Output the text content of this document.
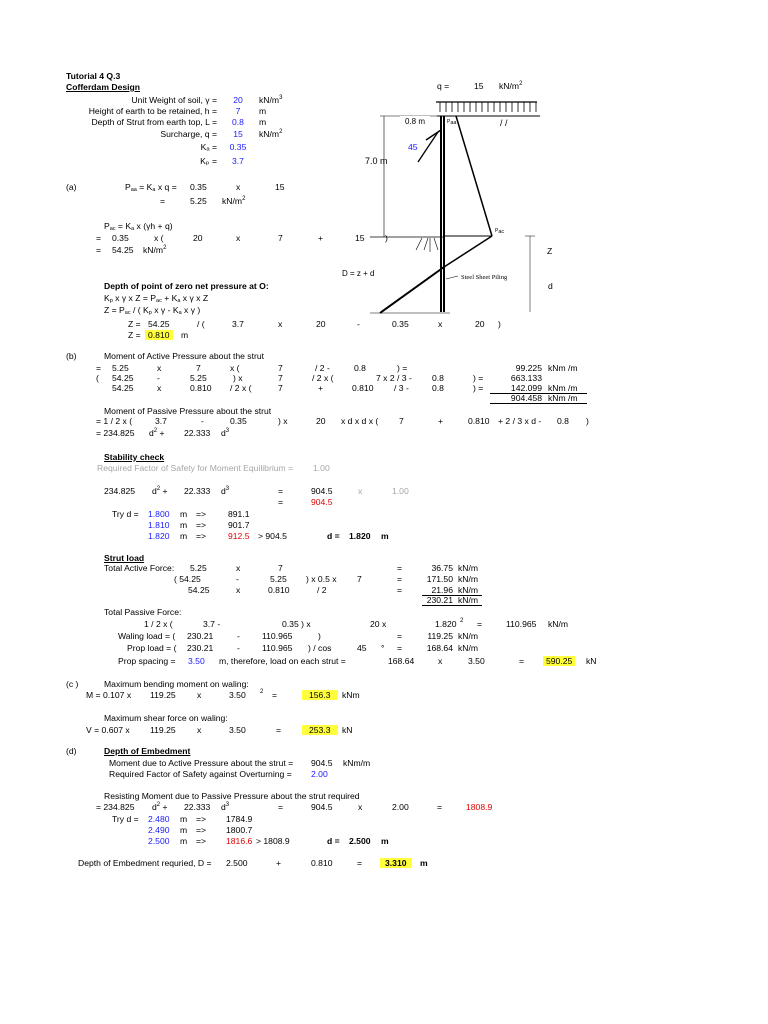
Tutorial 4 Q.3
Cofferdam Design
Unit Weight of soil, γ =	20	$kN/m^3$
Height of earth to be retained, h =	7	m
Depth of Strut from earth top, L =	0.8	m
Surcharge, q =	15	$kN/m^2$
Kₐ =	0.35
Kₚ =	3.7
/ /
q =	15 $kN/m^2$
0.8 m	$P_{aa}$
45
7.0 m
$P_{ac}$
Z
D = z + d	Steel Sheet Piling
d
(a)	$P_{aa} = K_a$ x q = 0.35	x	15
=	5.25 $kN/m^2$
$P_{ac} = K_a$ x (γh + q)
= 0.35	x (	20	x	7	+	15 )
= 54.25 $kN/m^2$
Depth of point of zero net pressure at O:
$K_p$ x γ x $Z = P_{ac} + K_a$ x γ x Z
$Z = P_{ac}$ / ( $K_p$ x γ - $K_a$ x γ )
Z = 54.25	/ (	3.7	x	20	-	0.35	x	20 )
Z = 0.810	m
(b)	Moment of Active Pressure about the strut
= 5.25	x	7	x (	7	/ 2 -	0.8	) =	99.225 kNm /m
( 54.25	-	5.25	) x	7	/ 2 x (	7 x 2 / 3 - 0.8	) =	663.133
54.25	x	0.810 / 2 x (	7	+	0.810 / 3 -	0.8	) =	142.099 kNm /m
904.458 kNm /m
Moment of Passive Pressure about the strut
= 1 / 2 x (	3.7	-	0.35	) x	20 x d x d x ( 7	+	0.810 + 2 / 3 x d - 0.8 )
= 234.825 $d^2 + 22.333$ $d^3$
Stability check
Required Factor of Safety for Moment Equilibrium = 1.00
234.825 $d^2 + 22.333$ $d^3$	=	904.5	x	1.00
=	904.5
Try d = 1.800 m =>	891.1
1.810 m =>	901.7
1.820 m =>	912.5 > 904.5	d = 1.820 m
Strut load
Total Active Force: 5.25	x	7	=	36.75 kN/m
( 54.25	-	5.25 ) x 0.5 x 7	=	171.50 kN/m
54.25	x	0.810	/ 2	=	21.96 kN/m
230.21 kN/m
Total Passive Force:
1 / 2 x (	3.7 -	0.35 ) x	20 x	1.820 2 =	110.965 kN/m
Waling load = ( 230.21	-	110.965	)	=	119.25 kN/m
Prop load = ( 230.21	-	110.965 ) / cos	45 ° =	168.64 kN/m
Prop spacing = 3.50 m, therefore, load on each strut =	168.64	x	3.50	=	590.25	kN
(c )	Maximum bending moment on waling:
M = 0.107 x 119.25 x	3.50 2 =	156.3	kNm
Maximum shear force on waling:
V = 0.607 x 119.25 x	3.50	=	253.3	kN
(d)	Depth of Embedment
Moment due to Active Pressure about the strut = 904.5 kNm/m
Required Factor of Safety against Overturning = 2.00
Resisting Moment due to Passive Pressure about the strut required
= 234.825 $d^2 + 22.333$ $d^3$	=	904.5	x	2.00	=	1808.9
Try d = 2.480 m => 1784.9
2.490 m => 1800.7
2.500 m => 1816.6 > 1808.9	d = 2.500 m
Depth of Embedment requried, D = 2.500	+	0.810	=	3.310	m
